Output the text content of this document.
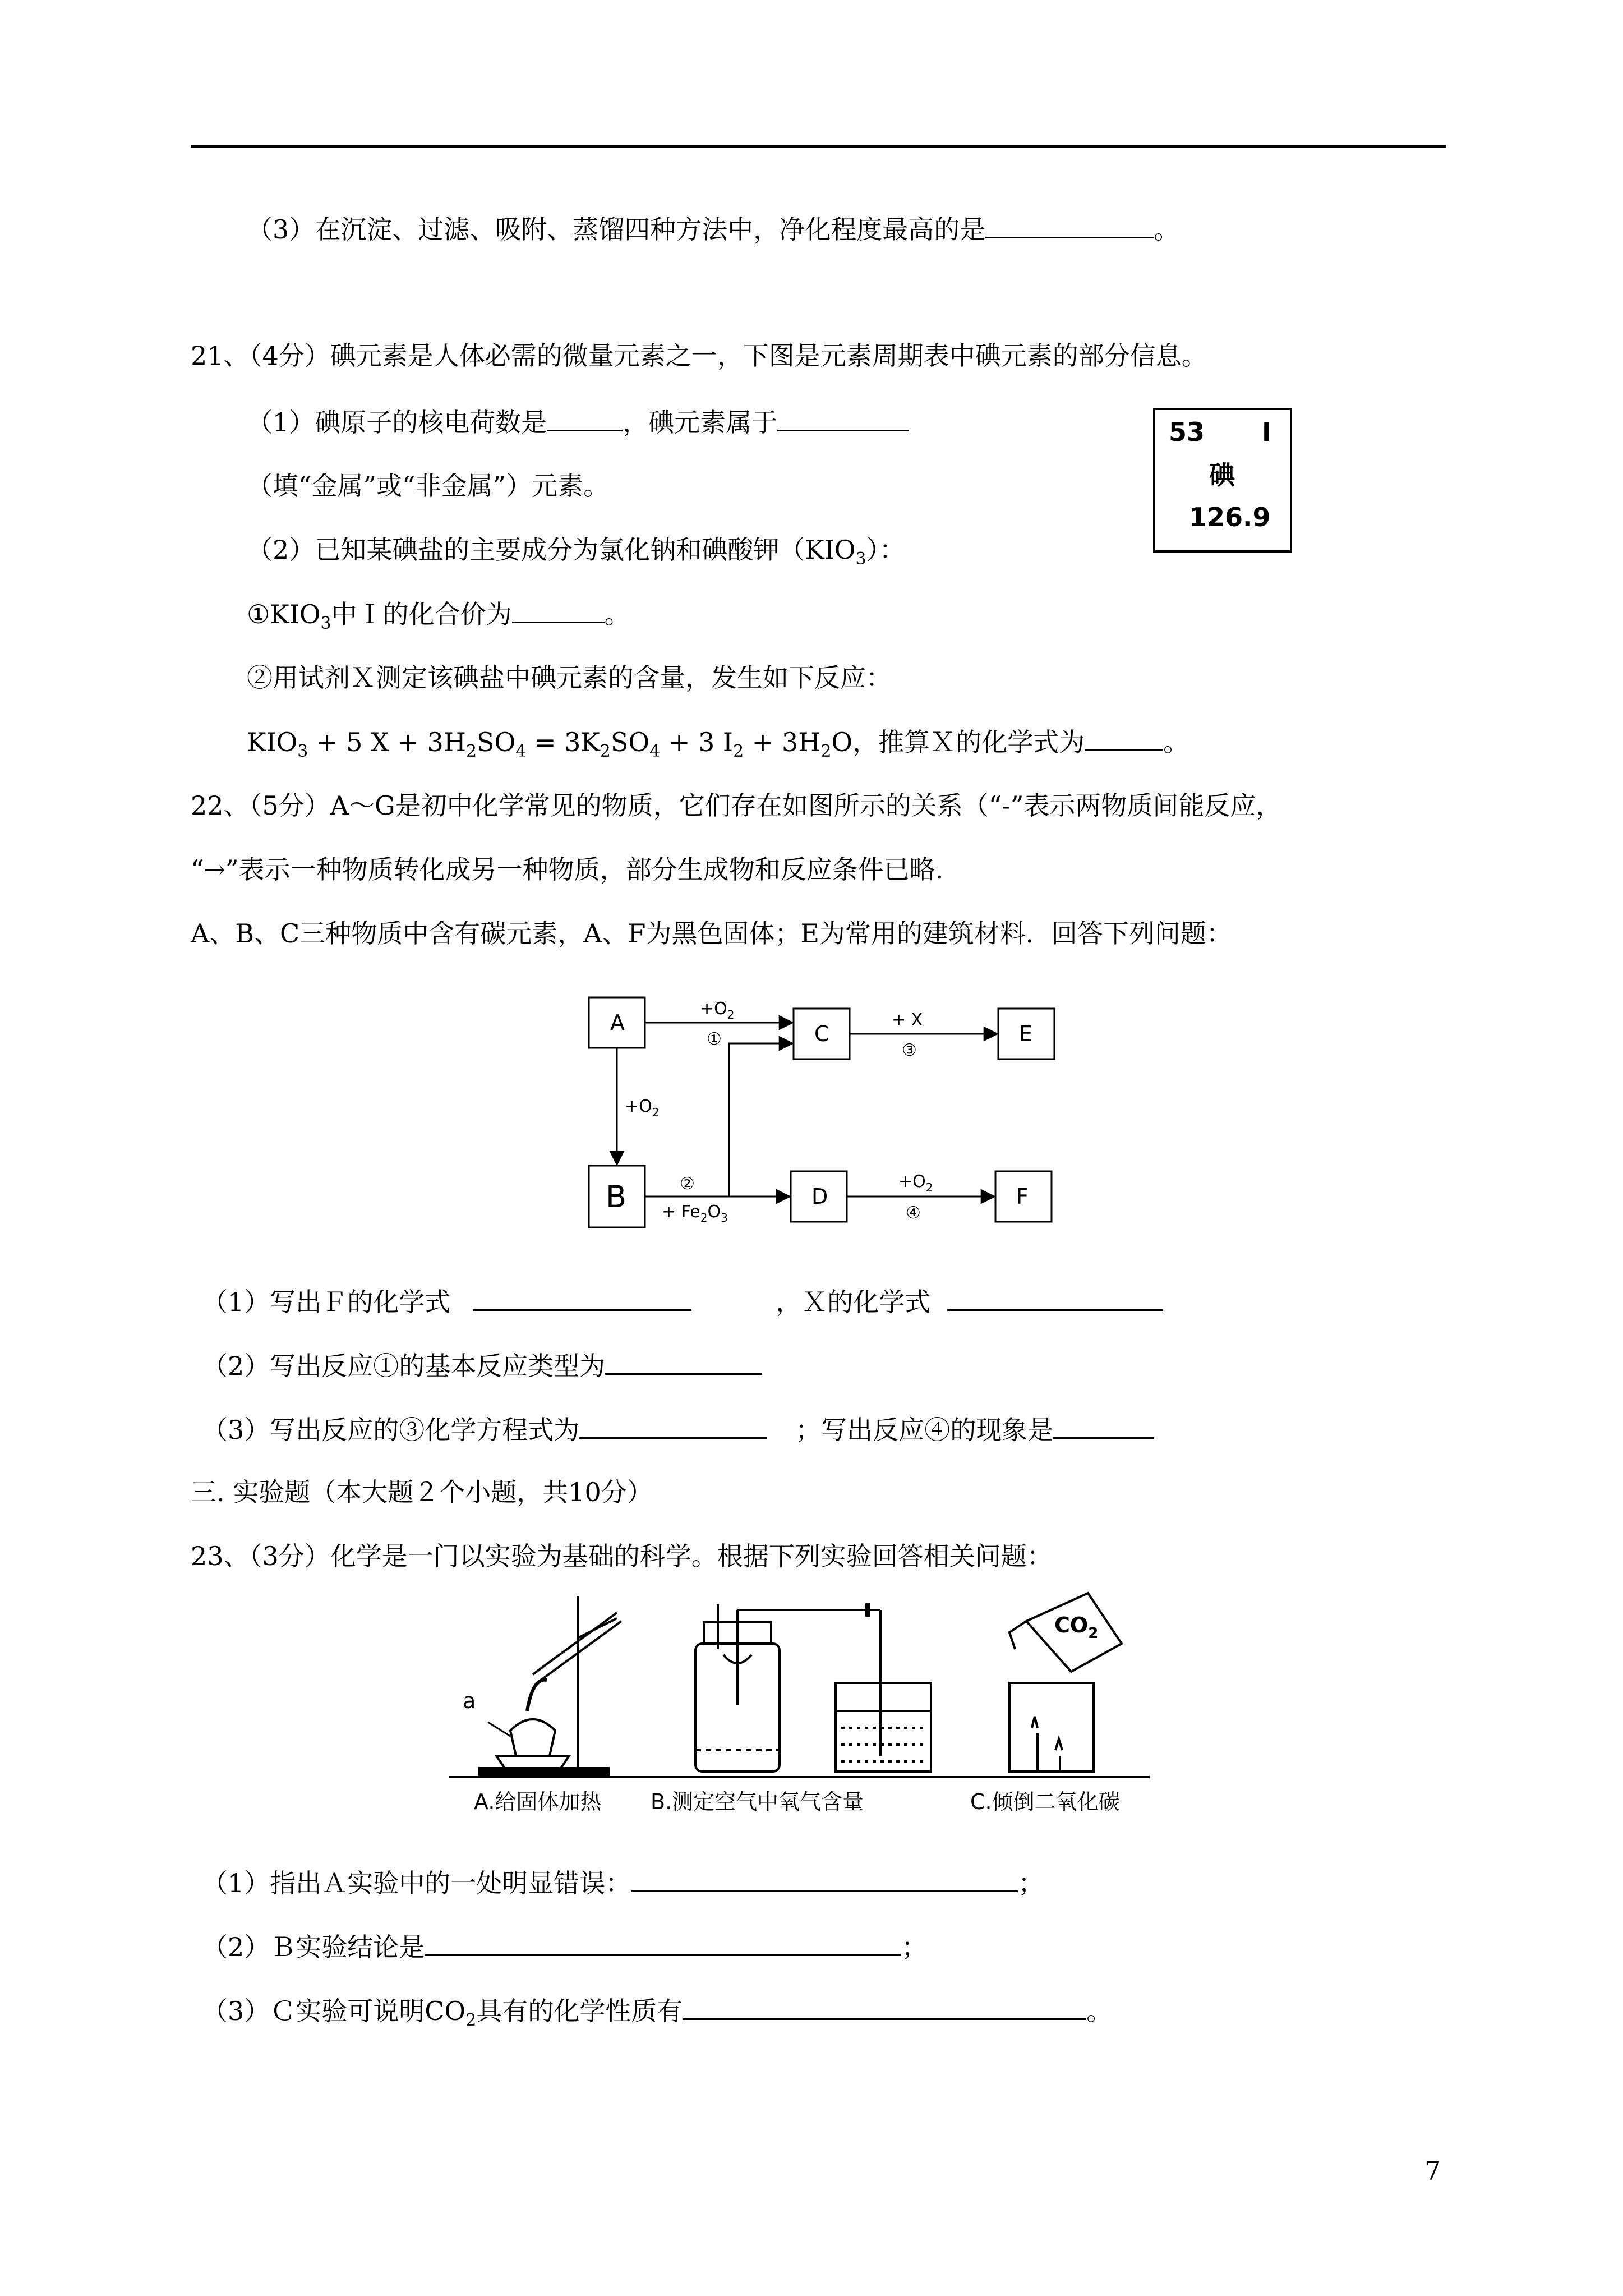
（3）在沉淀、过滤、吸附、蒸馏四种方法中，净化程度最高的是	。
21、（4分）碘元素是人体必需的微量元素之一，下图是元素周期表中碘元素的部分信息。
（1）碘原子的核电荷数是	，碘元素属于
（填“金属”或“非金属”）元素。
（2）已知某碘盐的主要成分为氯化钠和碘酸钾$(KIO_3)$：
$①KIO_3$中Ｉ的化合价为	。
②用试剂Ｘ测定该碘盐中碘元素的含量，发生如下反应：
$KIO_3 + 5$ $X + 3H_2SO_4 = 3K_2SO_4 + 3$ $I_2 + 3H_2O$，推算Ｘ的化学式为	。
53 I
碘
126.9
22、（5分）A～G是初中化学常见的物质，它们存在如图所示的关系（“-”表示两物质间能反应，
“→”表示一种物质转化成另一种物质，部分生成物和反应条件已略.
A、B、C三种物质中含有碳元素，A、F为黑色固体；E为常用的建筑材料．回答下列问题：
A	C	E
B	D	F
$+O_2$
①
+ X
③
$+O_2$
②
+ $Fe_2O_3$
$+O_2$
④
（1）写出Ｆ的化学式	，Ｘ的化学式
（2）写出反应①的基本反应类型为
（3）写出反应的③化学方程式为	；写出反应④的现象是
三. 实验题（本大题２个小题，共10分）
23、（3分）化学是一门以实验为基础的科学。根据下列实验回答相关问题：
a
$CO_2$
A.给固体加热 B.测定空气中氧气含量	C.倾倒二氧化碳
（1）指出Ａ实验中的一处明显错误：	；
（2）Ｂ实验结论是	；
（3）Ｃ实验可说明$CO_2$具有的化学性质有	。
7
